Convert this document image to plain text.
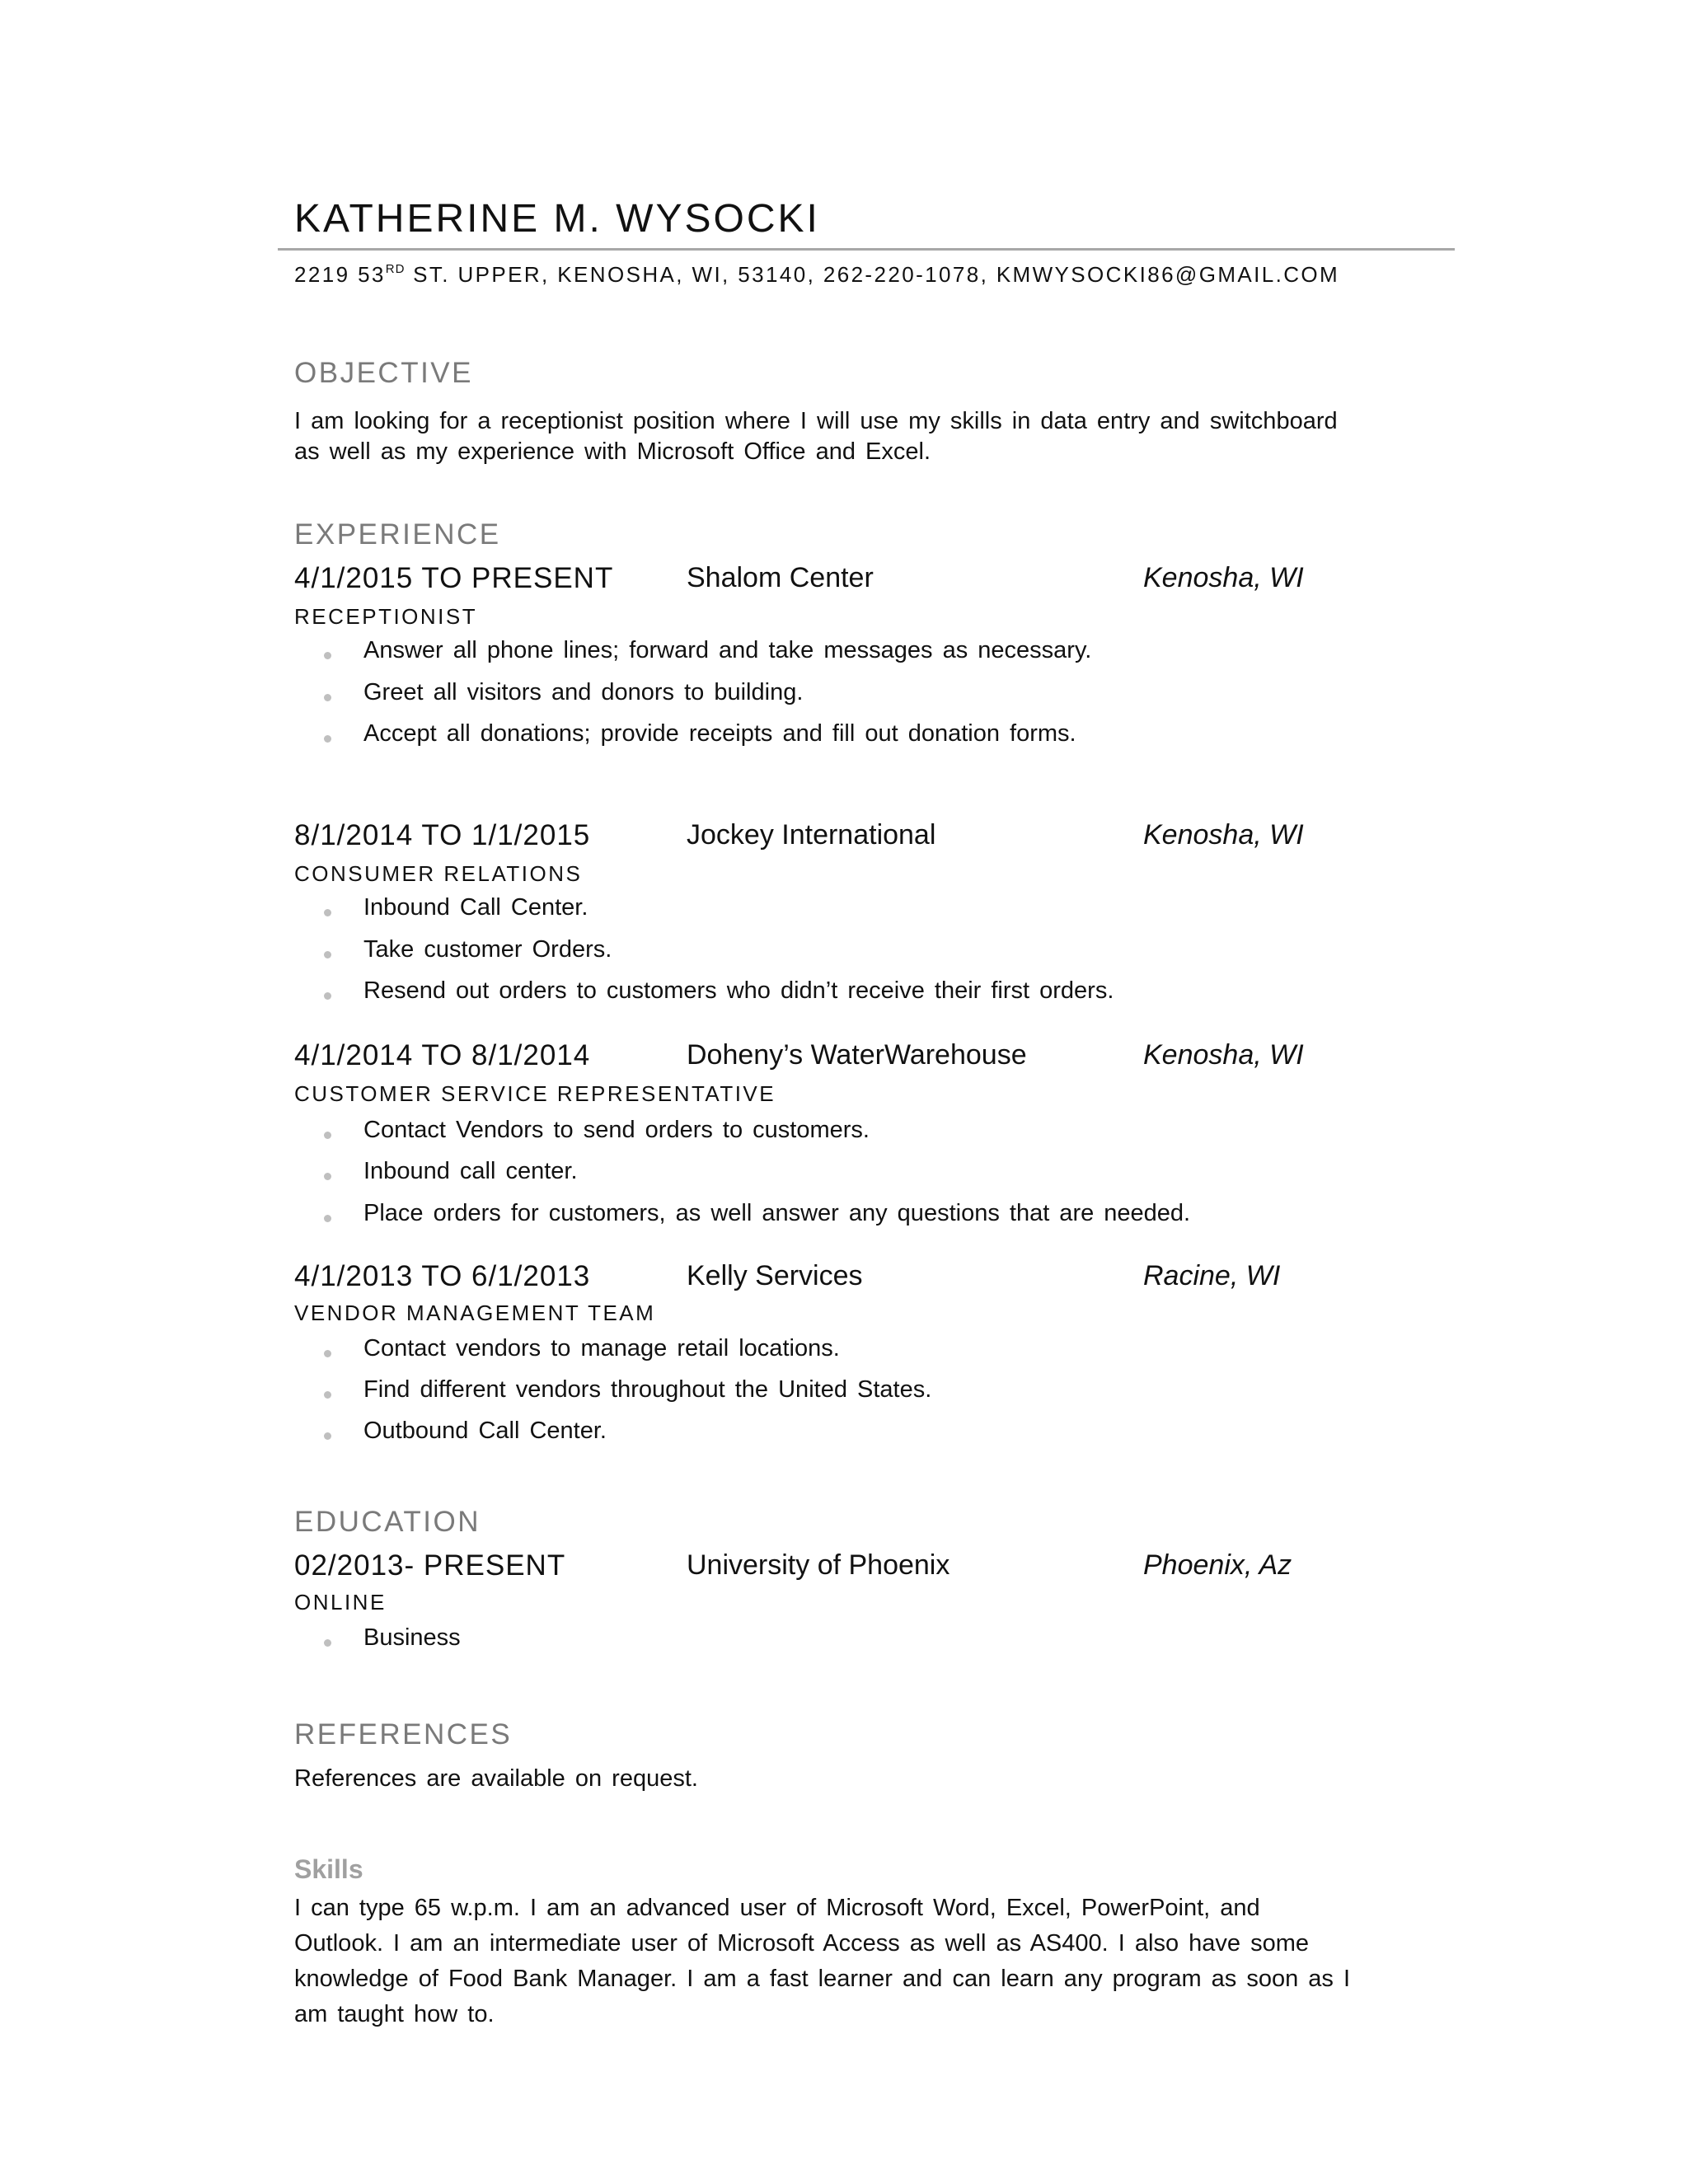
KATHERINE M. WYSOCKI
2219 53RD ST. UPPER, KENOSHA, WI, 53140, 262-220-1078, KMWYSOCKI86@GMAIL.COM
OBJECTIVE
I am looking for a receptionist position where I will use my skills in data entry and switchboard
as well as my experience with Microsoft Office and Excel.
EXPERIENCE
4/1/2015 TO PRESENT	Shalom Center	Kenosha, WI
RECEPTIONIST
Answer all phone lines; forward and take messages as necessary.
Greet all visitors and donors to building.
Accept all donations; provide receipts and fill out donation forms.
8/1/2014 TO 1/1/2015	Jockey International	Kenosha, WI
CONSUMER RELATIONS
Inbound Call Center.
Take customer Orders.
Resend out orders to customers who didn’t receive their first orders.
4/1/2014 TO 8/1/2014	Doheny’s WaterWarehouse	Kenosha, WI
CUSTOMER SERVICE REPRESENTATIVE
Contact Vendors to send orders to customers.
Inbound call center.
Place orders for customers, as well answer any questions that are needed.
4/1/2013 TO 6/1/2013	Kelly Services	Racine, WI
VENDOR MANAGEMENT TEAM
Contact vendors to manage retail locations.
Find different vendors throughout the United States.
Outbound Call Center.
EDUCATION
02/2013- PRESENT	University of Phoenix	Phoenix, Az
ONLINE
Business
REFERENCES
References are available on request.
Skills
I can type 65 w.p.m. I am an advanced user of Microsoft Word, Excel, PowerPoint, and
Outlook. I am an intermediate user of Microsoft Access as well as AS400. I also have some
knowledge of Food Bank Manager. I am a fast learner and can learn any program as soon as I
am taught how to.
